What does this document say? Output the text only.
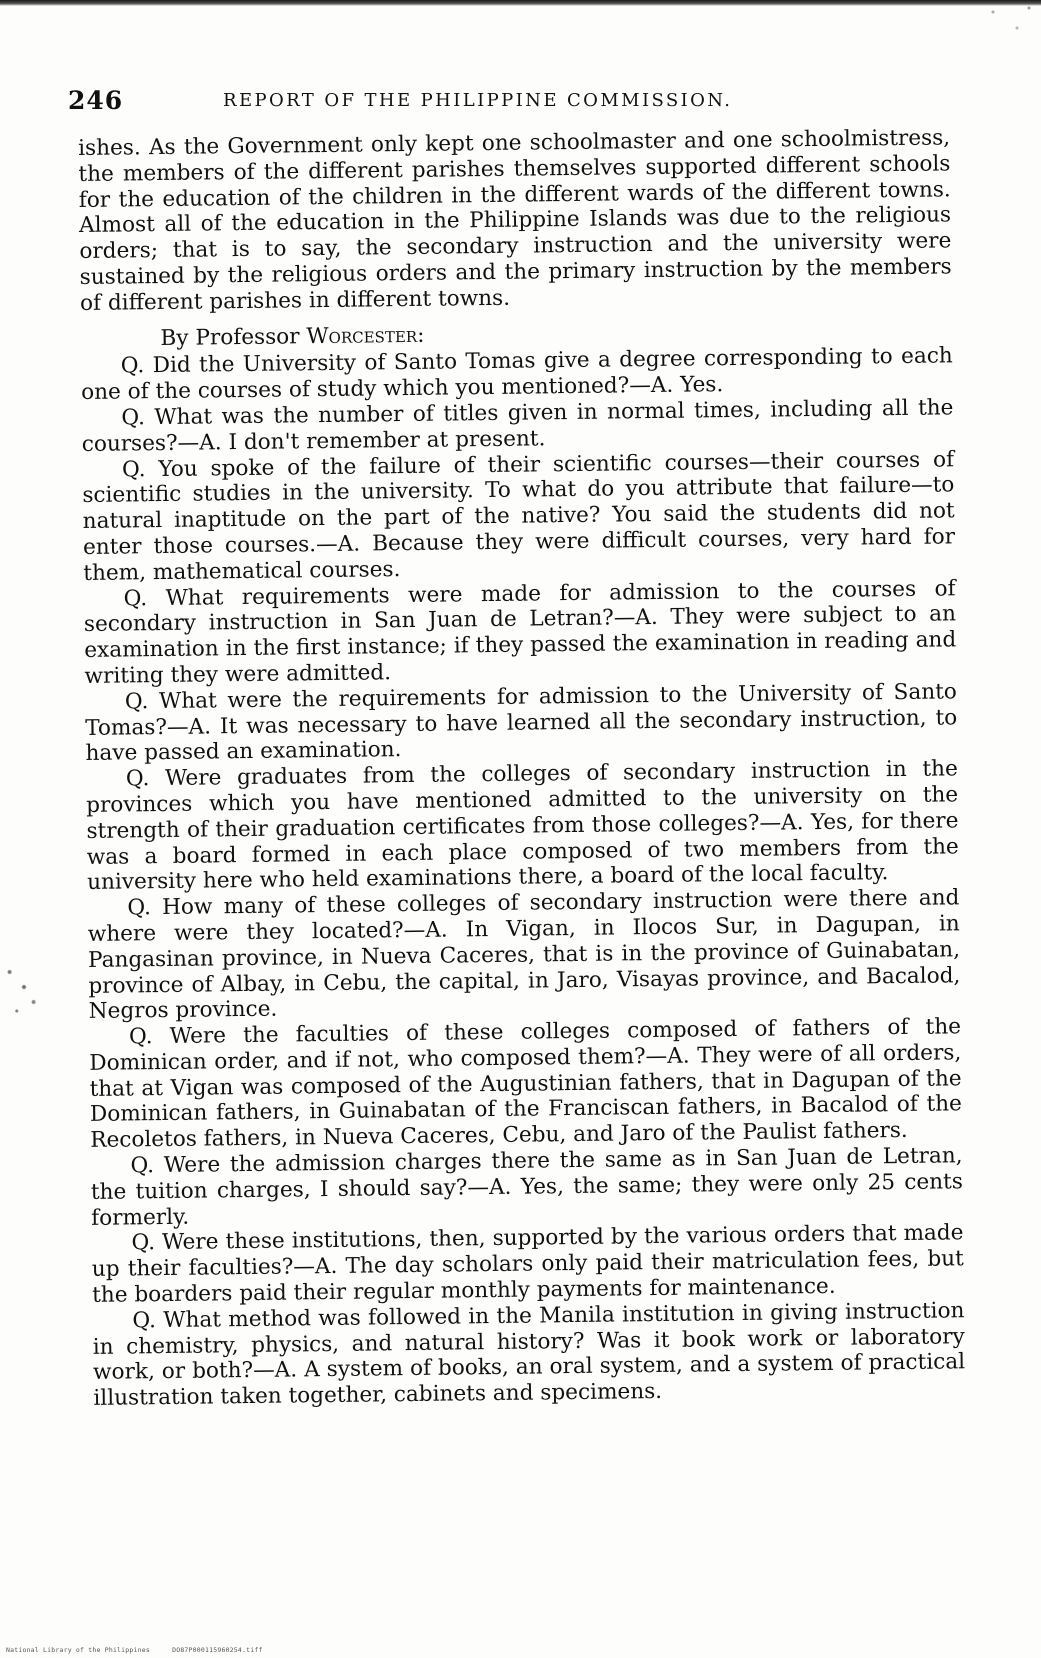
246	REPORT OF THE PHILIPPINE COMMISSION.

ishes. As the Government only kept one schoolmaster and one schoolmistress, the members of the different parishes themselves supported different schools for the education of the children in the different wards of the different towns. Almost all of the education in the Philippine Islands was due to the religious orders; that is to say, the secondary instruction and the university were sustained by the religious orders and the primary instruction by the members of different parishes in different towns.

By Professor Worcester:

Q. Did the University of Santo Tomas give a degree corresponding to each one of the courses of study which you mentioned?—A. Yes.

Q. What was the number of titles given in normal times, including all the courses?—A. I don't remember at present.

Q. You spoke of the failure of their scientific courses—their courses of scientific studies in the university. To what do you attribute that failure—to natural inaptitude on the part of the native? You said the students did not enter those courses.—A. Because they were difficult courses, very hard for them, mathematical courses.

Q. What requirements were made for admission to the courses of secondary instruction in San Juan de Letran?—A. They were subject to an examination in the first instance; if they passed the examination in reading and writing they were admitted.

Q. What were the requirements for admission to the University of Santo Tomas?—A. It was necessary to have learned all the secondary instruction, to have passed an examination.

Q. Were graduates from the colleges of secondary instruction in the provinces which you have mentioned admitted to the university on the strength of their graduation certificates from those colleges?—A. Yes, for there was a board formed in each place composed of two members from the university here who held examinations there, a board of the local faculty.

Q. How many of these colleges of secondary instruction were there and where were they located?—A. In Vigan, in Ilocos Sur, in Dagupan, in Pangasinan province, in Nueva Caceres, that is in the province of Guinabatan, province of Albay, in Cebu, the capital, in Jaro, Visayas province, and Bacalod, Negros province.

Q. Were the faculties of these colleges composed of fathers of the Dominican order, and if not, who composed them?—A. They were of all orders, that at Vigan was composed of the Augustinian fathers, that in Dagupan of the Dominican fathers, in Guinabatan of the Franciscan fathers, in Bacalod of the Recoletos fathers, in Nueva Caceres, Cebu, and Jaro of the Paulist fathers.

Q. Were the admission charges there the same as in San Juan de Letran, the tuition charges, I should say?—A. Yes, the same; they were only 25 cents formerly.

Q. Were these institutions, then, supported by the various orders that made up their faculties?—A. The day scholars only paid their matriculation fees, but the boarders paid their regular monthly payments for maintenance.

Q. What method was followed in the Manila institution in giving instruction in chemistry, physics, and natural history? Was it book work or laboratory work, or both?—A. A system of books, an oral system, and a system of practical illustration taken together, cabinets and specimens.

National Library of the Philippines	DO87P000115960254.tiff
